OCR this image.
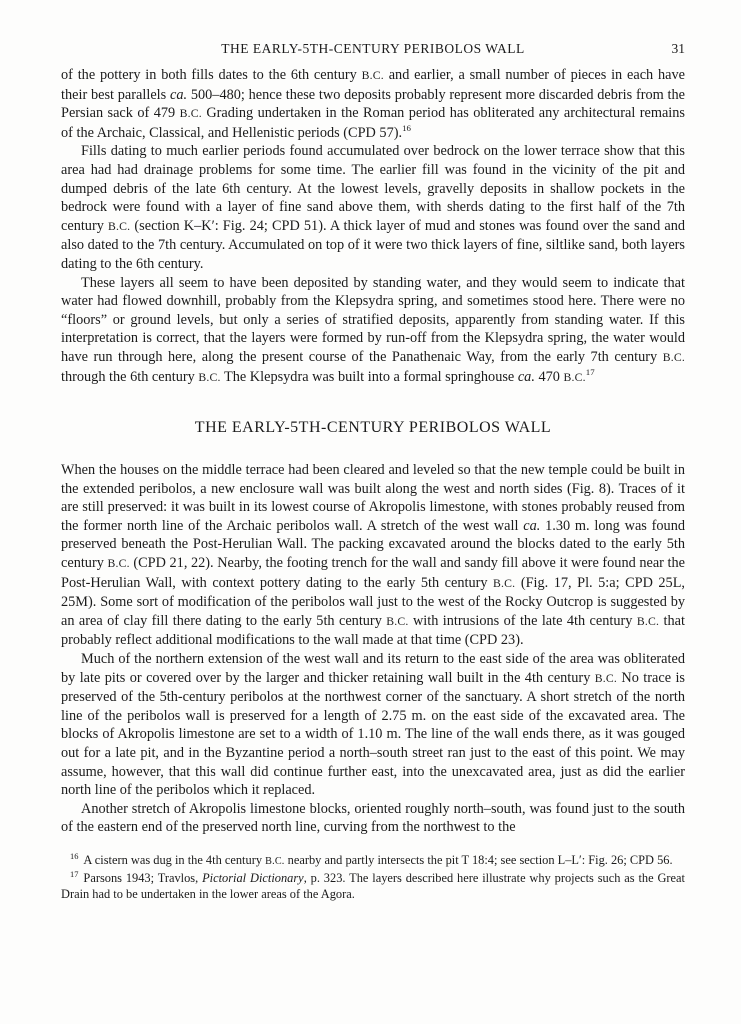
THE EARLY-5TH-CENTURY PERIBOLOS WALL	31

of the pottery in both fills dates to the 6th century B.C. and earlier, a small number of pieces in each have their best parallels ca. 500–480; hence these two deposits probably represent more discarded debris from the Persian sack of 479 B.C. Grading undertaken in the Roman period has obliterated any architectural remains of the Archaic, Classical, and Hellenistic periods (CPD 57).$^{16}$

Fills dating to much earlier periods found accumulated over bedrock on the lower terrace show that this area had had drainage problems for some time. The earlier fill was found in the vicinity of the pit and dumped debris of the late 6th century. At the lowest levels, gravelly deposits in shallow pockets in the bedrock were found with a layer of fine sand above them, with sherds dating to the first half of the 7th century B.C. (section K–K′: Fig. 24; CPD 51). A thick layer of mud and stones was found over the sand and also dated to the 7th century. Accumulated on top of it were two thick layers of fine, siltlike sand, both layers dating to the 6th century.

These layers all seem to have been deposited by standing water, and they would seem to indicate that water had flowed downhill, probably from the Klepsydra spring, and sometimes stood here. There were no “floors” or ground levels, but only a series of stratified deposits, apparently from standing water. If this interpretation is correct, that the layers were formed by run-off from the Klepsydra spring, the water would have run through here, along the present course of the Panathenaic Way, from the early 7th century B.C. through the 6th century B.C. The Klepsydra was built into a formal springhouse ca. 470 B.C.$^{17}$

THE EARLY-5TH-CENTURY PERIBOLOS WALL

When the houses on the middle terrace had been cleared and leveled so that the new temple could be built in the extended peribolos, a new enclosure wall was built along the west and north sides (Fig. 8). Traces of it are still preserved: it was built in its lowest course of Akropolis limestone, with stones probably reused from the former north line of the Archaic peribolos wall. A stretch of the west wall ca. 1.30 m. long was found preserved beneath the Post-Herulian Wall. The packing excavated around the blocks dated to the early 5th century B.C. (CPD 21, 22). Nearby, the footing trench for the wall and sandy fill above it were found near the Post-Herulian Wall, with context pottery dating to the early 5th century B.C. (Fig. 17, Pl. 5:a; CPD 25L, 25M). Some sort of modification of the peribolos wall just to the west of the Rocky Outcrop is suggested by an area of clay fill there dating to the early 5th century B.C. with intrusions of the late 4th century B.C. that probably reflect additional modifications to the wall made at that time (CPD 23).

Much of the northern extension of the west wall and its return to the east side of the area was obliterated by late pits or covered over by the larger and thicker retaining wall built in the 4th century B.C. No trace is preserved of the 5th-century peribolos at the northwest corner of the sanctuary. A short stretch of the north line of the peribolos wall is preserved for a length of 2.75 m. on the east side of the excavated area. The blocks of Akropolis limestone are set to a width of 1.10 m. The line of the wall ends there, as it was gouged out for a late pit, and in the Byzantine period a north–south street ran just to the east of this point. We may assume, however, that this wall did continue further east, into the unexcavated area, just as did the earlier north line of the peribolos which it replaced.

Another stretch of Akropolis limestone blocks, oriented roughly north–south, was found just to the south of the eastern end of the preserved north line, curving from the northwest to the

$^{16}$ A cistern was dug in the 4th century B.C. nearby and partly intersects the pit T 18:4; see section L–L′: Fig. 26; CPD 56.

$^{17}$ Parsons 1943; Travlos, Pictorial Dictionary, p. 323. The layers described here illustrate why projects such as the Great Drain had to be undertaken in the lower areas of the Agora.
